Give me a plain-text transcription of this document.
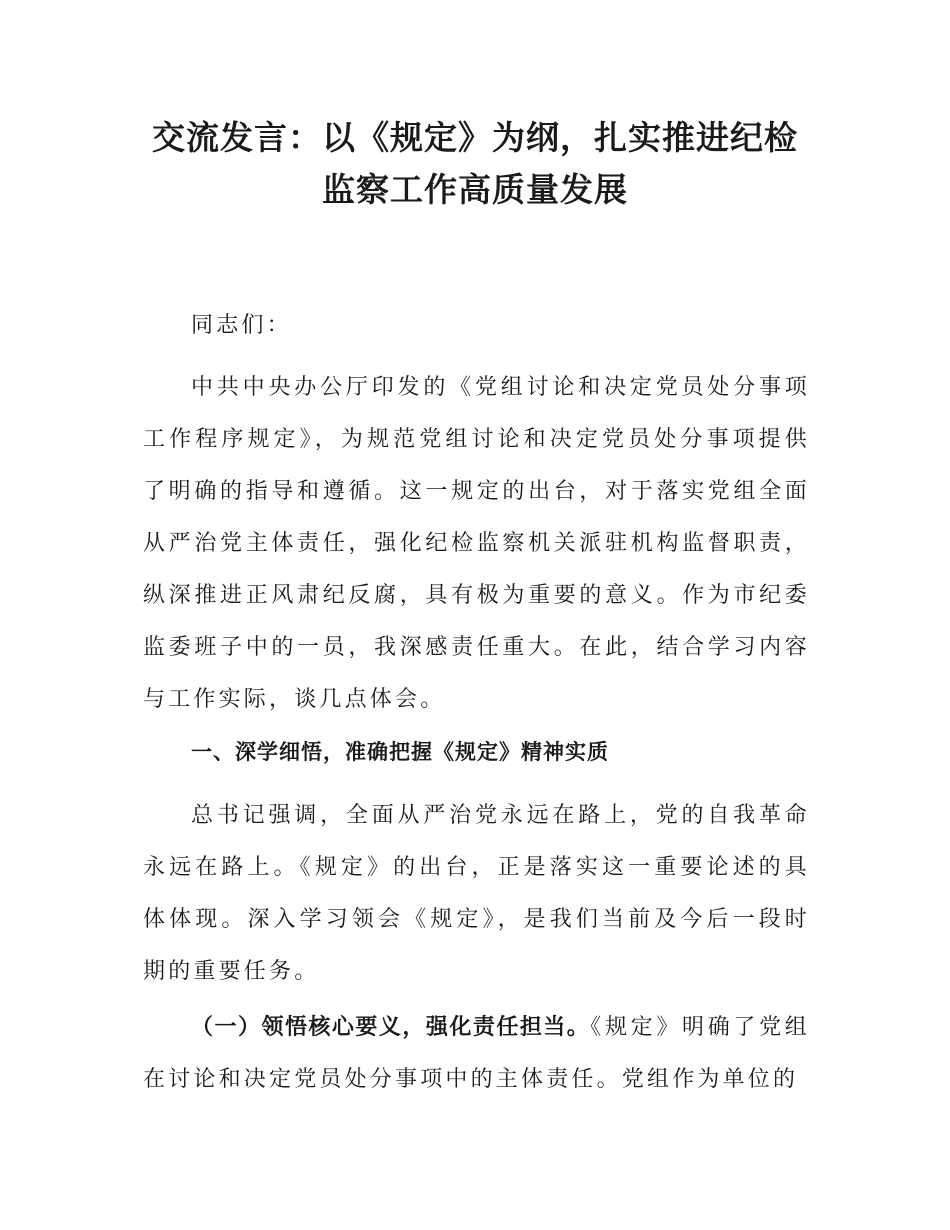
交流发言：以《规定》为纲，扎实推进纪检
监察工作高质量发展

同志们：

中共中央办公厅印发的《党组讨论和决定党员处分事项工作程序规定》，为规范党组讨论和决定党员处分事项提供了明确的指导和遵循。这一规定的出台，对于落实党组全面从严治党主体责任，强化纪检监察机关派驻机构监督职责，纵深推进正风肃纪反腐，具有极为重要的意义。作为市纪委监委班子中的一员，我深感责任重大。在此，结合学习内容与工作实际，谈几点体会。

一、深学细悟，准确把握《规定》精神实质

总书记强调，全面从严治党永远在路上，党的自我革命永远在路上。《规定》的出台，正是落实这一重要论述的具体体现。深入学习领会《规定》，是我们当前及今后一段时期的重要任务。

（一）领悟核心要义，强化责任担当。《规定》明确了党组在讨论和决定党员处分事项中的主体责任。党组作为单位的
